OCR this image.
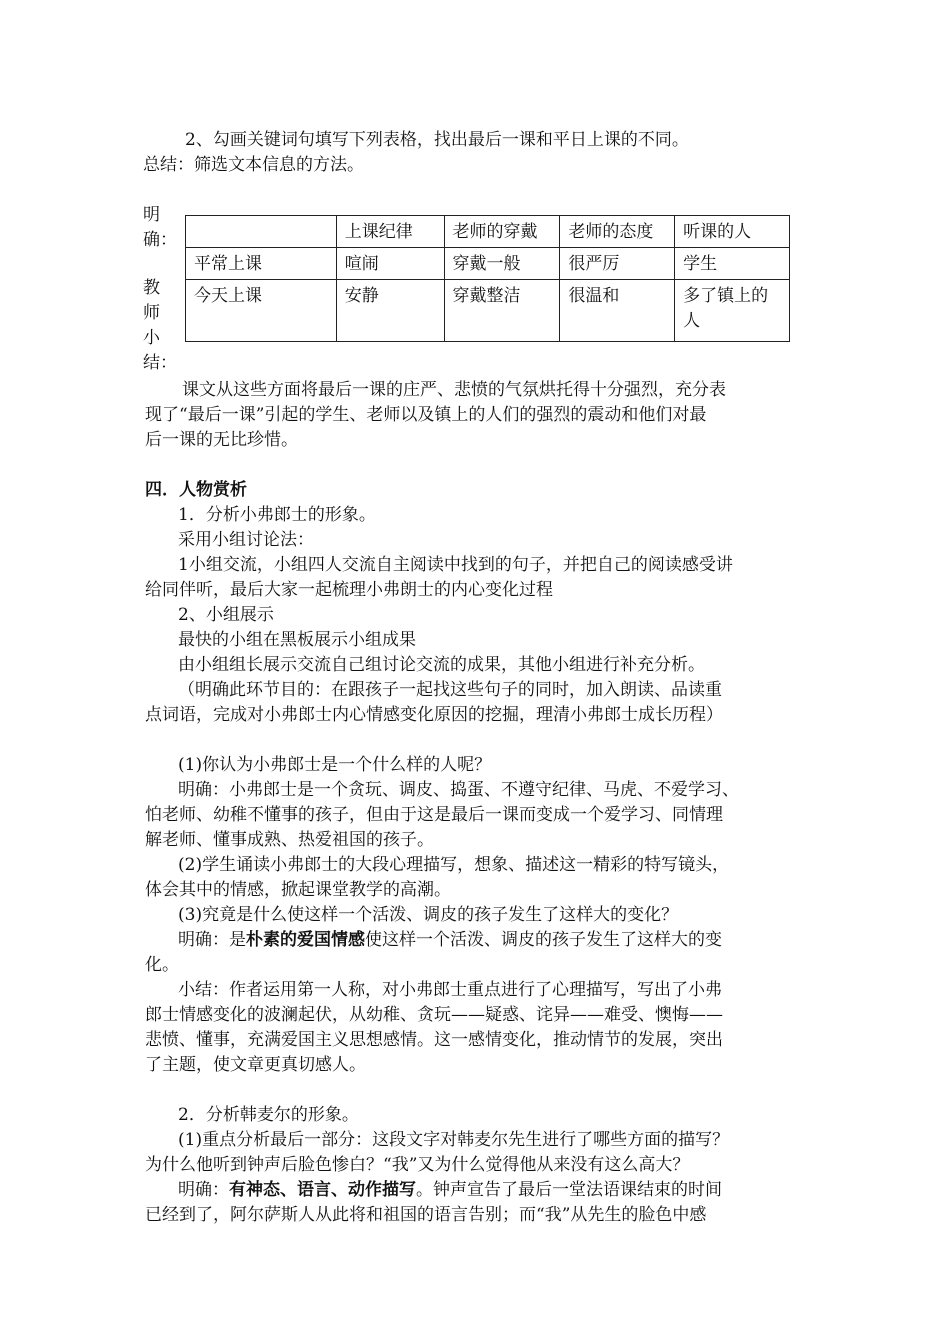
2、勾画关键词句填写下列表格，找出最后一课和平日上课的不同。
总结：筛选文本信息的方法。
明
确：
教
师
小
结：
	上课纪律	老师的穿戴	老师的态度	听课的人
平常上课	喧闹	穿戴一般	很严厉	学生
今天上课	安静	穿戴整洁	很温和	多了镇上的人
课文从这些方面将最后一课的庄严、悲愤的气氛烘托得十分强烈，充分表
现了“最后一课”引起的学生、老师以及镇上的人们的强烈的震动和他们对最
后一课的无比珍惜。
四．人物赏析
1．分析小弗郎士的形象。
采用小组讨论法：
1小组交流，小组四人交流自主阅读中找到的句子，并把自己的阅读感受讲
给同伴听，最后大家一起梳理小弗朗士的内心变化过程
2、小组展示
最快的小组在黑板展示小组成果
由小组组长展示交流自己组讨论交流的成果，其他小组进行补充分析。
（明确此环节目的：在跟孩子一起找这些句子的同时，加入朗读、品读重
点词语，完成对小弗郎士内心情感变化原因的挖掘，理清小弗郎士成长历程）
(1)你认为小弗郎士是一个什么样的人呢？
明确：小弗郎士是一个贪玩、调皮、捣蛋、不遵守纪律、马虎、不爱学习、
怕老师、幼稚不懂事的孩子，但由于这是最后一课而变成一个爱学习、同情理
解老师、懂事成熟、热爱祖国的孩子。
(2)学生诵读小弗郎士的大段心理描写，想象、描述这一精彩的特写镜头，
体会其中的情感，掀起课堂教学的高潮。
(3)究竟是什么使这样一个活泼、调皮的孩子发生了这样大的变化？
明确：是朴素的爱国情感使这样一个活泼、调皮的孩子发生了这样大的变
化。
小结：作者运用第一人称，对小弗郎士重点进行了心理描写，写出了小弗
郎士情感变化的波澜起伏，从幼稚、贪玩——疑惑、诧异——难受、懊悔——
悲愤、懂事，充满爱国主义思想感情。这一感情变化，推动情节的发展，突出
了主题，使文章更真切感人。
2．分析韩麦尔的形象。
(1)重点分析最后一部分：这段文字对韩麦尔先生进行了哪些方面的描写？
为什么他听到钟声后脸色惨白？“我”又为什么觉得他从来没有这么高大？
明确：有神态、语言、动作描写。钟声宣告了最后一堂法语课结束的时间
已经到了，阿尔萨斯人从此将和祖国的语言告别；而“我”从先生的脸色中感
